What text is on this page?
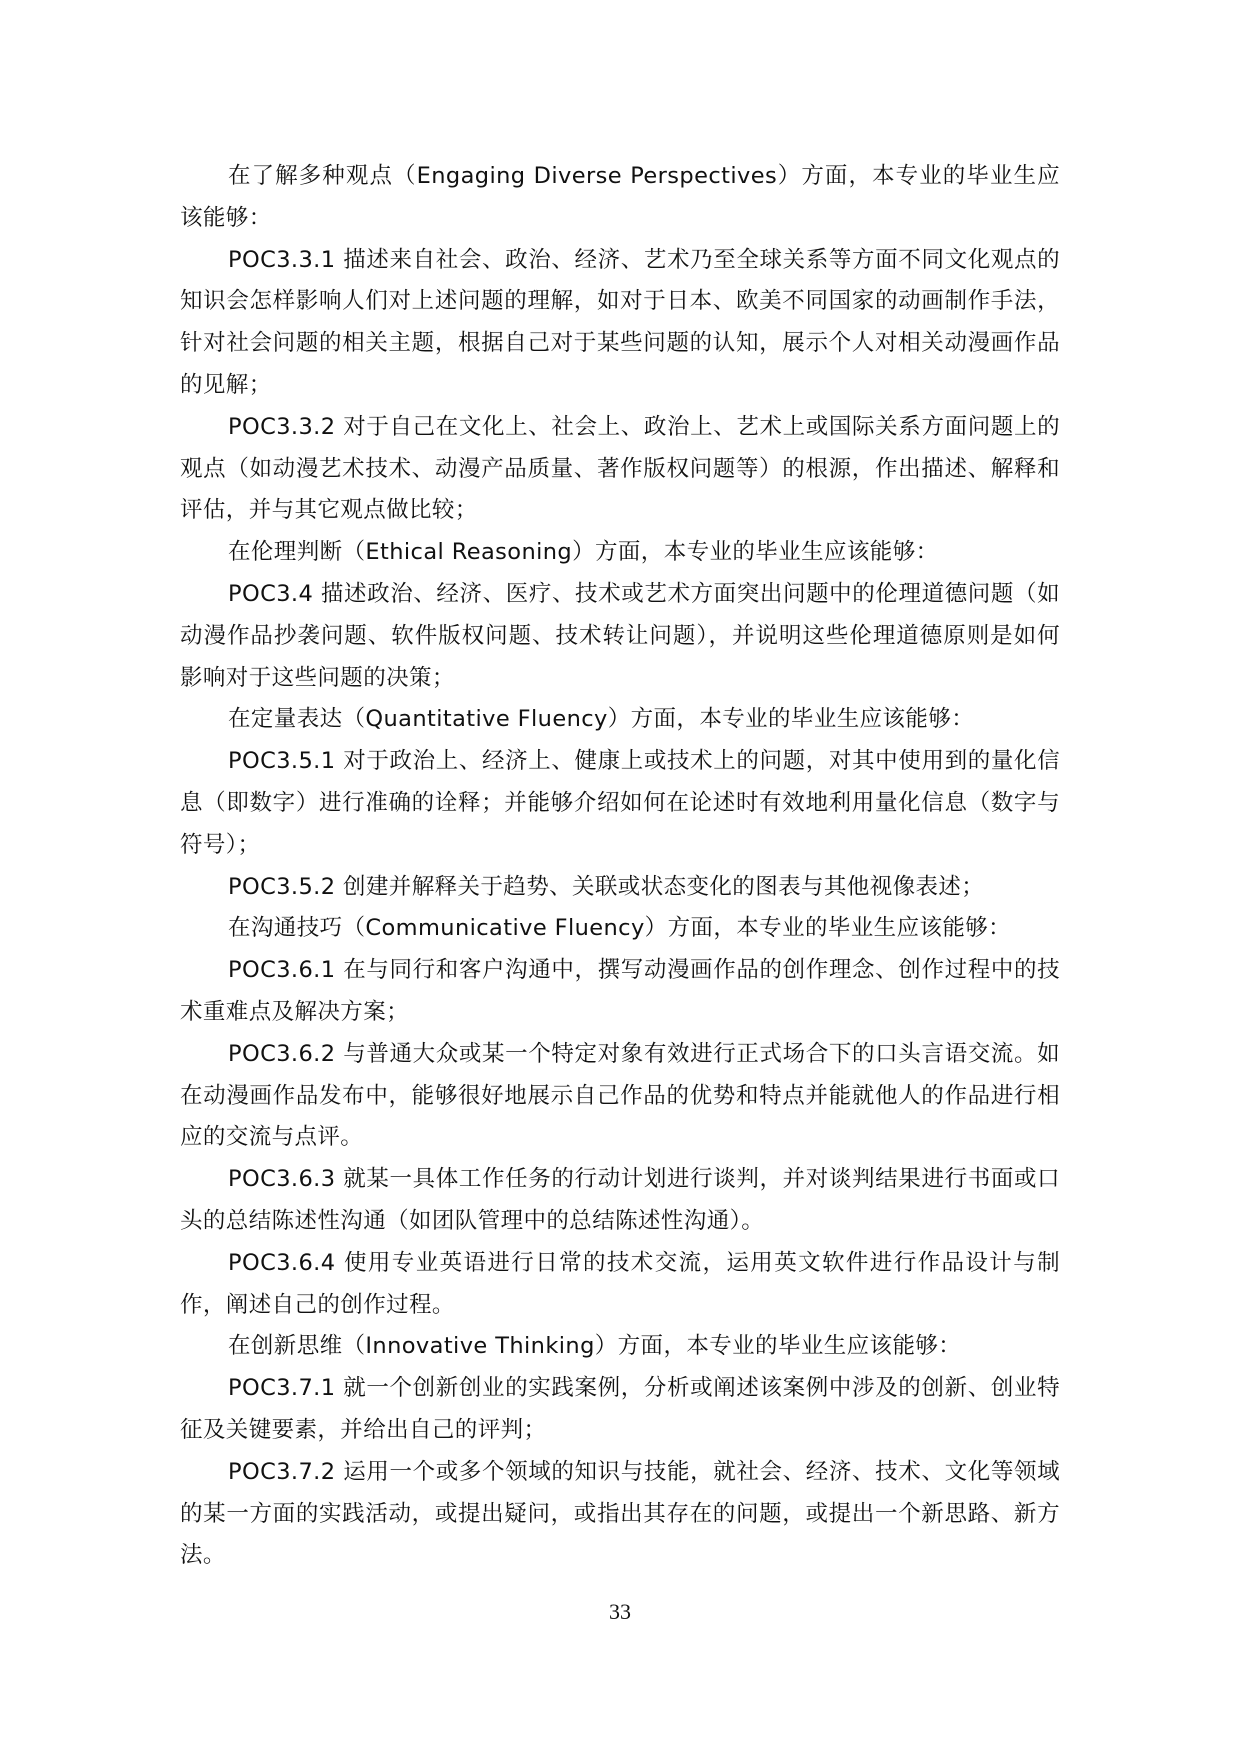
在了解多种观点（Engaging Diverse Perspectives）方面，本专业的毕业生应该能够：

POC3.3.1 描述来自社会、政治、经济、艺术乃至全球关系等方面不同文化观点的知识会怎样影响人们对上述问题的理解，如对于日本、欧美不同国家的动画制作手法，针对社会问题的相关主题，根据自己对于某些问题的认知，展示个人对相关动漫画作品的见解；

POC3.3.2 对于自己在文化上、社会上、政治上、艺术上或国际关系方面问题上的观点（如动漫艺术技术、动漫产品质量、著作版权问题等）的根源，作出描述、解释和评估，并与其它观点做比较；

在伦理判断（Ethical Reasoning）方面，本专业的毕业生应该能够：

POC3.4 描述政治、经济、医疗、技术或艺术方面突出问题中的伦理道德问题（如动漫作品抄袭问题、软件版权问题、技术转让问题），并说明这些伦理道德原则是如何影响对于这些问题的决策；

在定量表达（Quantitative Fluency）方面，本专业的毕业生应该能够：

POC3.5.1 对于政治上、经济上、健康上或技术上的问题，对其中使用到的量化信息（即数字）进行准确的诠释；并能够介绍如何在论述时有效地利用量化信息（数字与符号）；

POC3.5.2 创建并解释关于趋势、关联或状态变化的图表与其他视像表述；

在沟通技巧（Communicative Fluency）方面，本专业的毕业生应该能够：

POC3.6.1 在与同行和客户沟通中，撰写动漫画作品的创作理念、创作过程中的技术重难点及解决方案；

POC3.6.2 与普通大众或某一个特定对象有效进行正式场合下的口头言语交流。如在动漫画作品发布中，能够很好地展示自己作品的优势和特点并能就他人的作品进行相应的交流与点评。

POC3.6.3 就某一具体工作任务的行动计划进行谈判，并对谈判结果进行书面或口头的总结陈述性沟通（如团队管理中的总结陈述性沟通）。

POC3.6.4 使用专业英语进行日常的技术交流，运用英文软件进行作品设计与制作，阐述自己的创作过程。

在创新思维（Innovative Thinking）方面，本专业的毕业生应该能够：

POC3.7.1 就一个创新创业的实践案例，分析或阐述该案例中涉及的创新、创业特征及关键要素，并给出自己的评判；

POC3.7.2 运用一个或多个领域的知识与技能，就社会、经济、技术、文化等领域的某一方面的实践活动，或提出疑问，或指出其存在的问题，或提出一个新思路、新方法。

33
